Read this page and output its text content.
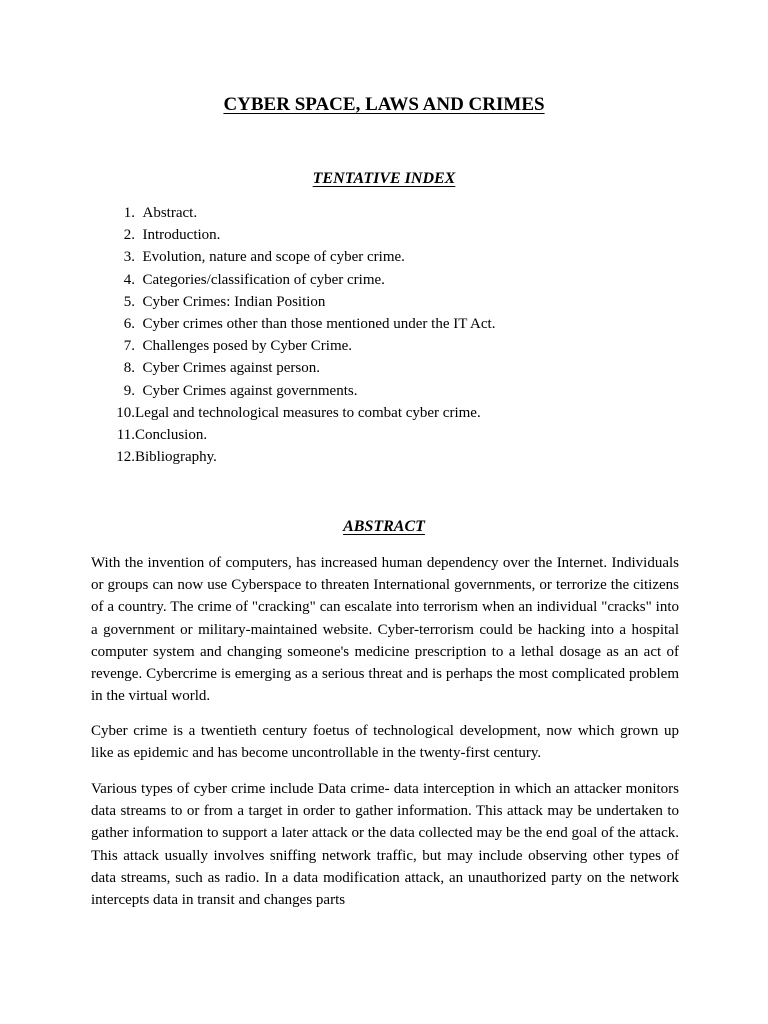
CYBER SPACE, LAWS AND CRIMES
TENTATIVE INDEX
1.
Abstract.
2.
Introduction.
3.
Evolution, nature and scope of cyber crime.
4.
Categories/classification of cyber crime.
5.
Cyber Crimes: Indian Position
6.
Cyber crimes other than those mentioned under the IT Act.
7.
Challenges posed by Cyber Crime.
8.
Cyber Crimes against person.
9.
Cyber Crimes against governments.
10. Legal and technological measures to combat cyber crime.
11. Conclusion.
12. Bibliography.
ABSTRACT

With the invention of computers, has increased human dependency over the Internet. Individuals or groups can now use Cyberspace to threaten International governments, or terrorize the citizens of a country. The crime of "cracking" can escalate into terrorism when an individual "cracks" into a government or military-maintained website. Cyber-terrorism could be hacking into a hospital computer system and changing someone's medicine prescription to a lethal dosage as an act of revenge. Cybercrime is emerging as a serious threat and is perhaps the most complicated problem in the virtual world.

Cyber crime is a twentieth century foetus of technological development, now which grown up like as epidemic and has become uncontrollable in the twenty-first century.

Various types of cyber crime include Data crime- data interception in which an attacker monitors data streams to or from a target in order to gather information. This attack may be undertaken to gather information to support a later attack or the data collected may be the end goal of the attack. This attack usually involves sniffing network traffic, but may include observing other types of data streams, such as radio. In a data modification attack, an unauthorized party on the network intercepts data in transit and changes parts
